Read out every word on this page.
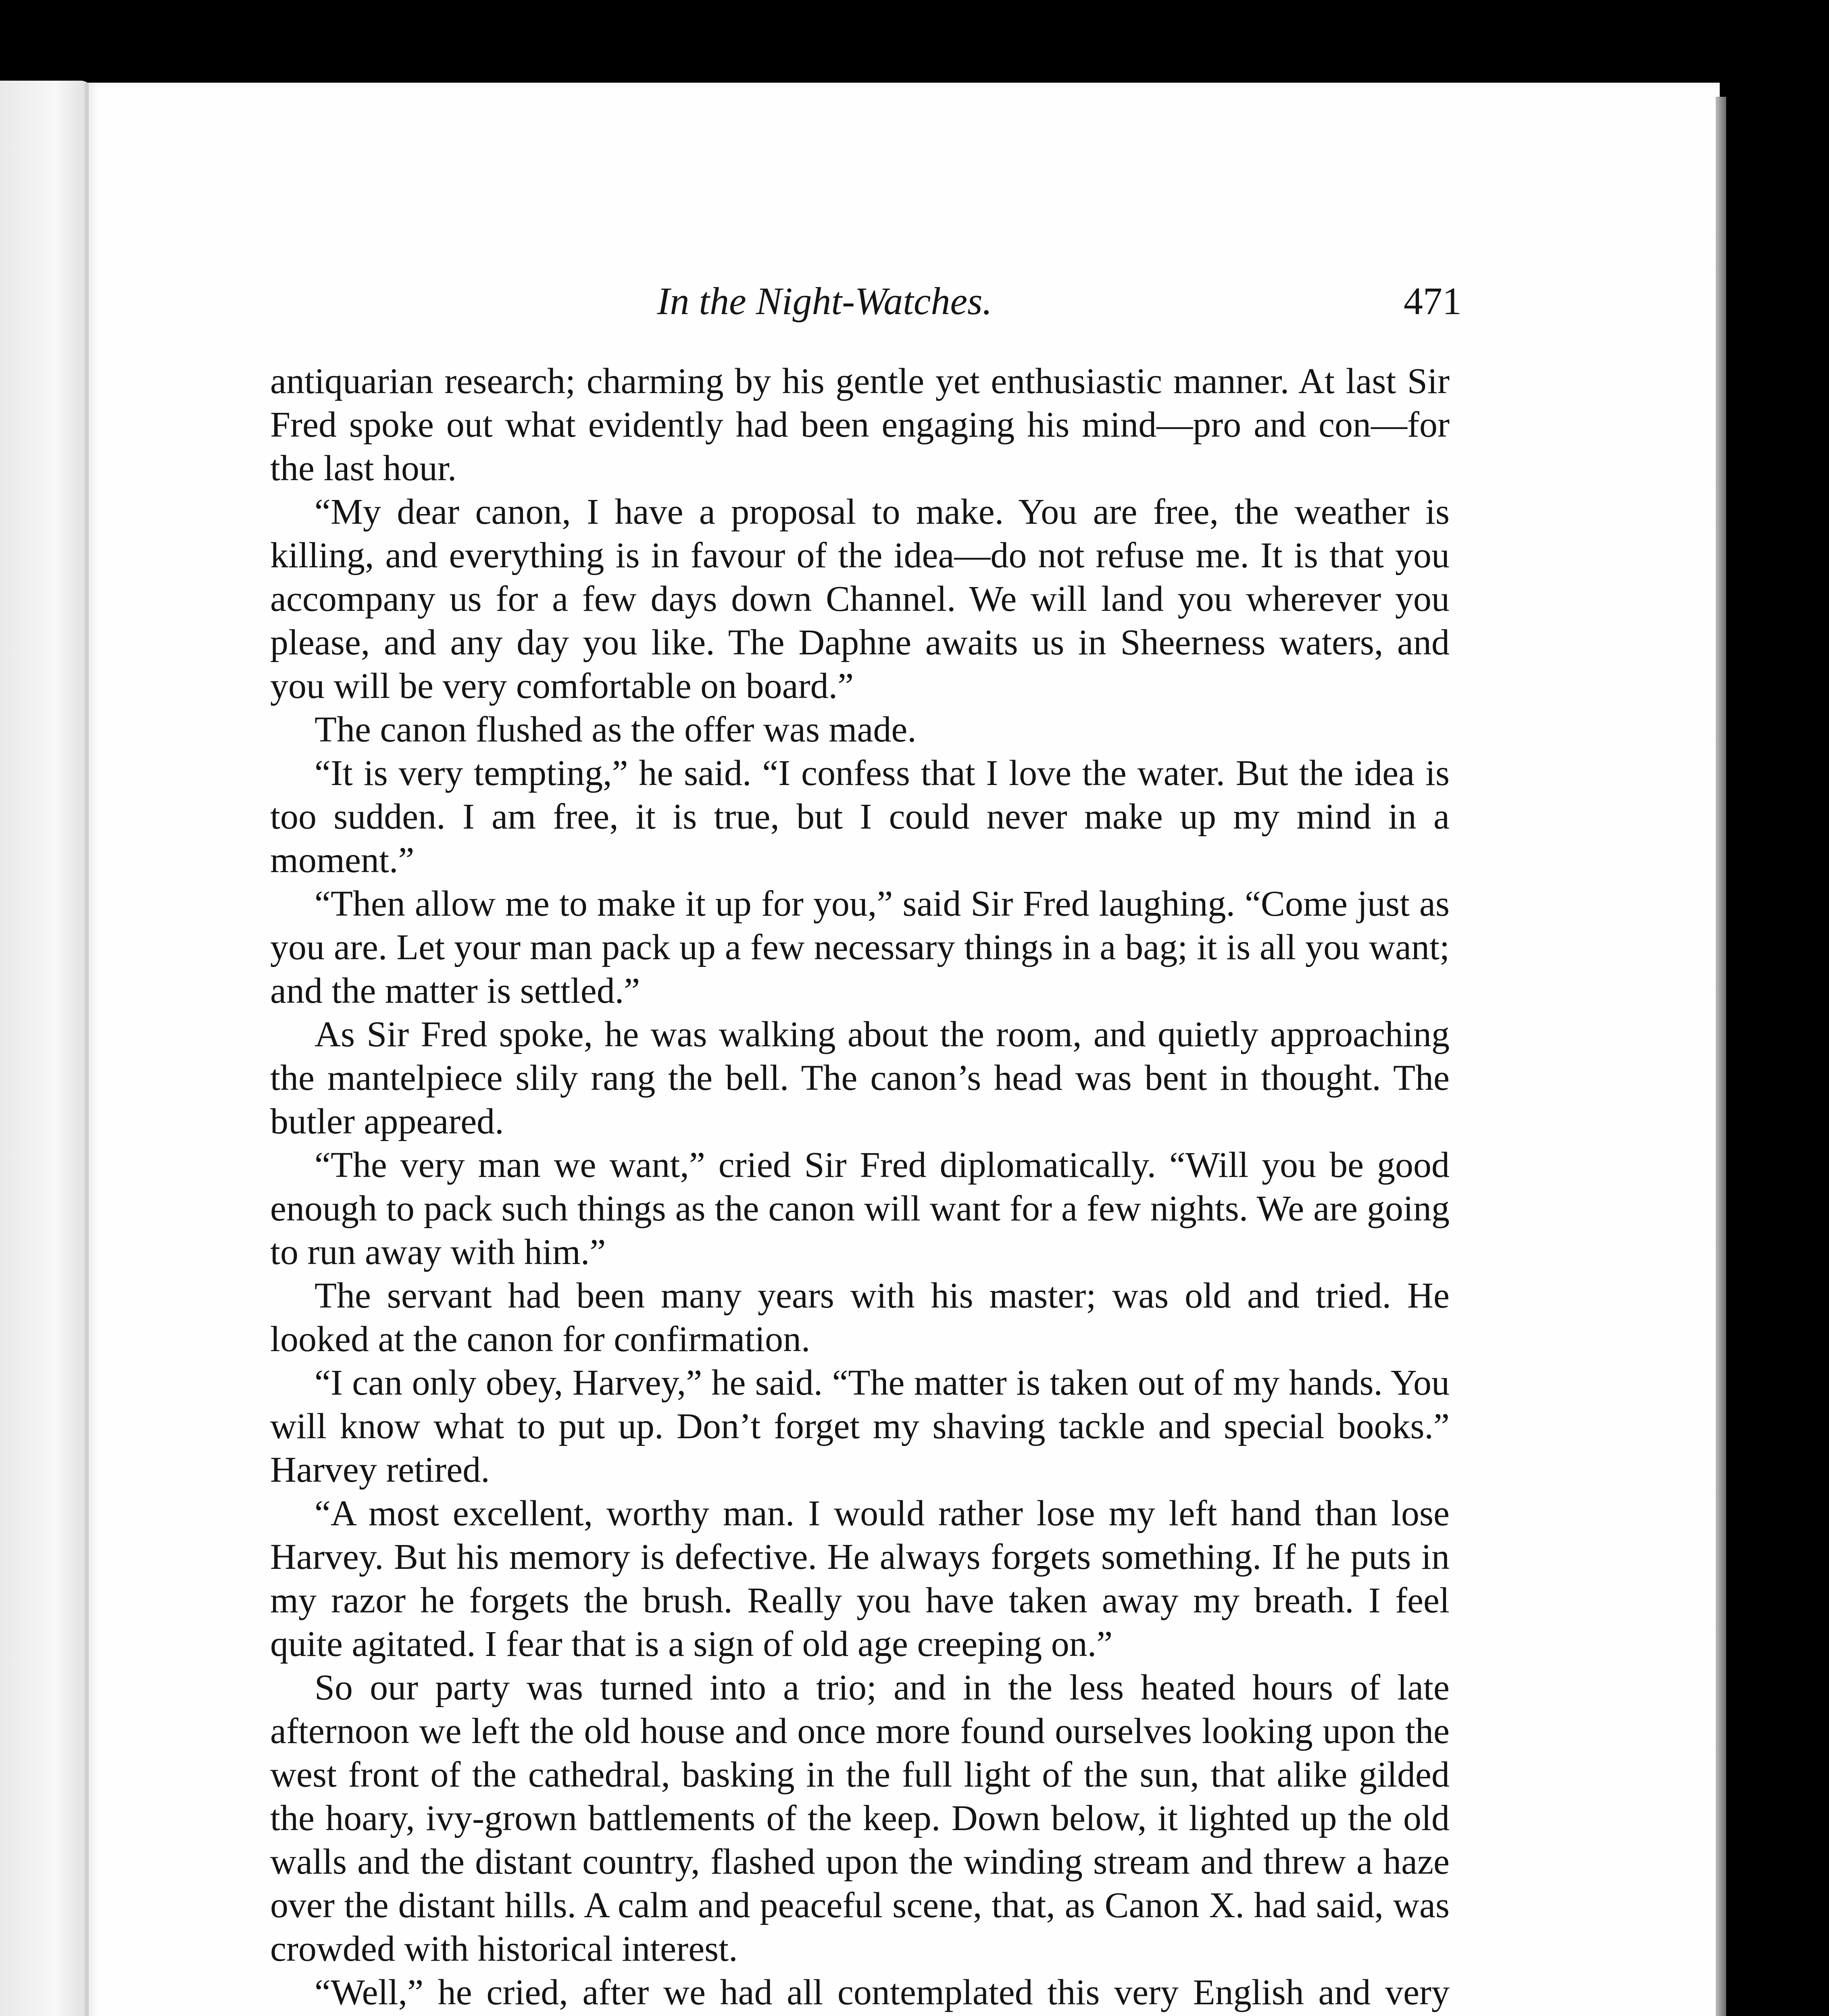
In the Night-Watches.	471

antiquarian research; charming by his gentle yet enthusiastic manner. At last Sir Fred spoke out what evidently had been engaging his mind—pro and con—for the last hour.

“My dear canon, I have a proposal to make. You are free, the weather is killing, and everything is in favour of the idea—do not refuse me. It is that you accompany us for a few days down Channel. We will land you wherever you please, and any day you like. The Daphne awaits us in Sheerness waters, and you will be very comfortable on board.”

The canon flushed as the offer was made.

“It is very tempting,” he said. “I confess that I love the water. But the idea is too sudden. I am free, it is true, but I could never make up my mind in a moment.”

“Then allow me to make it up for you,” said Sir Fred laughing. “Come just as you are. Let your man pack up a few necessary things in a bag; it is all you want; and the matter is settled.”

As Sir Fred spoke, he was walking about the room, and quietly approaching the mantelpiece slily rang the bell. The canon’s head was bent in thought. The butler appeared.

“The very man we want,” cried Sir Fred diplomatically. “Will you be good enough to pack such things as the canon will want for a few nights. We are going to run away with him.”

The servant had been many years with his master; was old and tried. He looked at the canon for confirmation.

“I can only obey, Harvey,” he said. “The matter is taken out of my hands. You will know what to put up. Don’t forget my shaving tackle and special books.” Harvey retired.

“A most excellent, worthy man. I would rather lose my left hand than lose Harvey. But his memory is defective. He always forgets something. If he puts in my razor he forgets the brush. Really you have taken away my breath. I feel quite agitated. I fear that is a sign of old age creeping on.”

So our party was turned into a trio; and in the less heated hours of late afternoon we left the old house and once more found ourselves looking upon the west front of the cathedral, basking in the full light of the sun, that alike gilded the hoary, ivy-grown battlements of the keep. Down below, it lighted up the old walls and the distant country, flashed upon the winding stream and threw a haze over the distant hills. A calm and peaceful scene, that, as Canon X. had said, was crowded with historical interest.

“Well,” he cried, after we had all contemplated this very English and very
